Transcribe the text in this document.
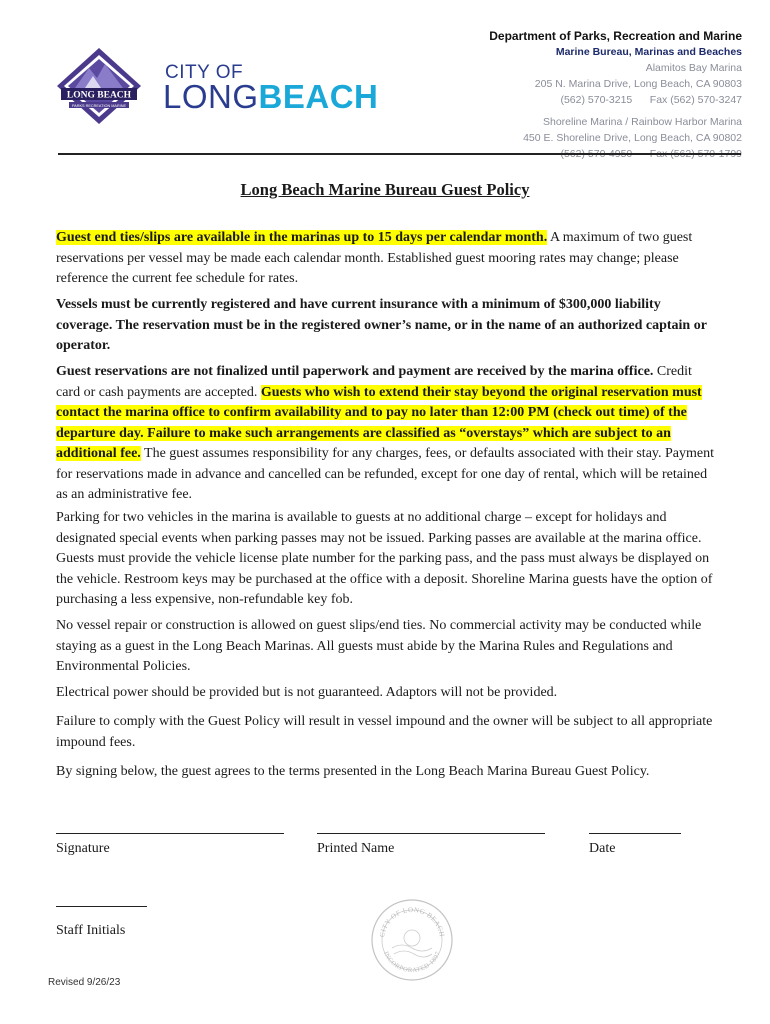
LONG BEACH
PARKS RECREATION MARINE
CITY OF
LONGBEACH
Department of Parks, Recreation and Marine
Marine Bureau, Marinas and Beaches
Alamitos Bay Marina
205 N. Marina Drive, Long Beach, CA 90803
(562) 570-3215      Fax (562) 570-3247
Shoreline Marina / Rainbow Harbor Marina
450 E. Shoreline Drive, Long Beach, CA 90802
(562) 570-4950      Fax (562) 570-1799
Long Beach Marine Bureau Guest Policy

Guest end ties/slips are available in the marinas up to 15 days per calendar month. A maximum of two guest reservations per vessel may be made each calendar month. Established guest mooring rates may change; please reference the current fee schedule for rates.

Vessels must be currently registered and have current insurance with a minimum of $300,000 liability coverage. The reservation must be in the registered owner’s name, or in the name of an authorized captain or operator.

Guest reservations are not finalized until paperwork and payment are received by the marina office. Credit card or cash payments are accepted. Guests who wish to extend their stay beyond the original reservation must contact the marina office to confirm availability and to pay no later than 12:00 PM (check out time) of the departure day. Failure to make such arrangements are classified as “overstays” which are subject to an additional fee. The guest assumes responsibility for any charges, fees, or defaults associated with their stay. Payment for reservations made in advance and cancelled can be refunded, except for one day of rental, which will be retained as an administrative fee.

Parking for two vehicles in the marina is available to guests at no additional charge – except for holidays and designated special events when parking passes may not be issued. Parking passes are available at the marina office. Guests must provide the vehicle license plate number for the parking pass, and the pass must always be displayed on the vehicle. Restroom keys may be purchased at the office with a deposit. Shoreline Marina guests have the option of purchasing a less expensive, non-refundable key fob.

No vessel repair or construction is allowed on guest slips/end ties. No commercial activity may be conducted while staying as a guest in the Long Beach Marinas. All guests must abide by the Marina Rules and Regulations and Environmental Policies.

Electrical power should be provided but is not guaranteed. Adaptors will not be provided.

Failure to comply with the Guest Policy will result in vessel impound and the owner will be subject to all appropriate impound fees.

By signing below, the guest agrees to the terms presented in the Long Beach Marina Bureau Guest Policy.

Signature	Printed Name	Date
Staff Initials	CITY OF LONG BEACH
INCORPORATED 1897
Revised 9/26/23
